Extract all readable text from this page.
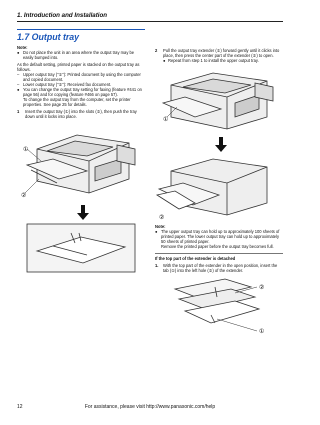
1. Introduction and Installation
1.7 Output tray
Note:
● Do not place the unit in an area where the output tray may be easily bumped into.
As the default setting, printed paper is stacked on the output tray as follows.
– Upper output tray ("①"): Printed document by using the computer and copied document.
– Lower output tray ("②"): Received fax document.
● You can change the output tray setting for faxing (feature #441 on page 56) and for copying (feature #466 on page 57).
To change the output tray from the computer, set the printer properties. See page 25 for details.
1 Insert the output tray (①) into the slots (②), then push the tray down until it locks into place.
①
②
2 Pull the output tray extender (①) forward gently until it clicks into place, then press the center part of the extender (②) to open.
● Repeat from step 1 to install the upper output tray.
①
②
Note:
● The upper output tray can hold up to approximately 100 sheets of printed paper. The lower output tray can hold up to approximately 50 sheets of printed paper.
Remove the printed paper before the output tray becomes full.
If the top part of the extender is detached
1. With the top part of the extender in the open position, insert the tab (①) into the left hole (②) of the extender.
②
①
12	For assistance, please visit http://www.panasonic.com/help
